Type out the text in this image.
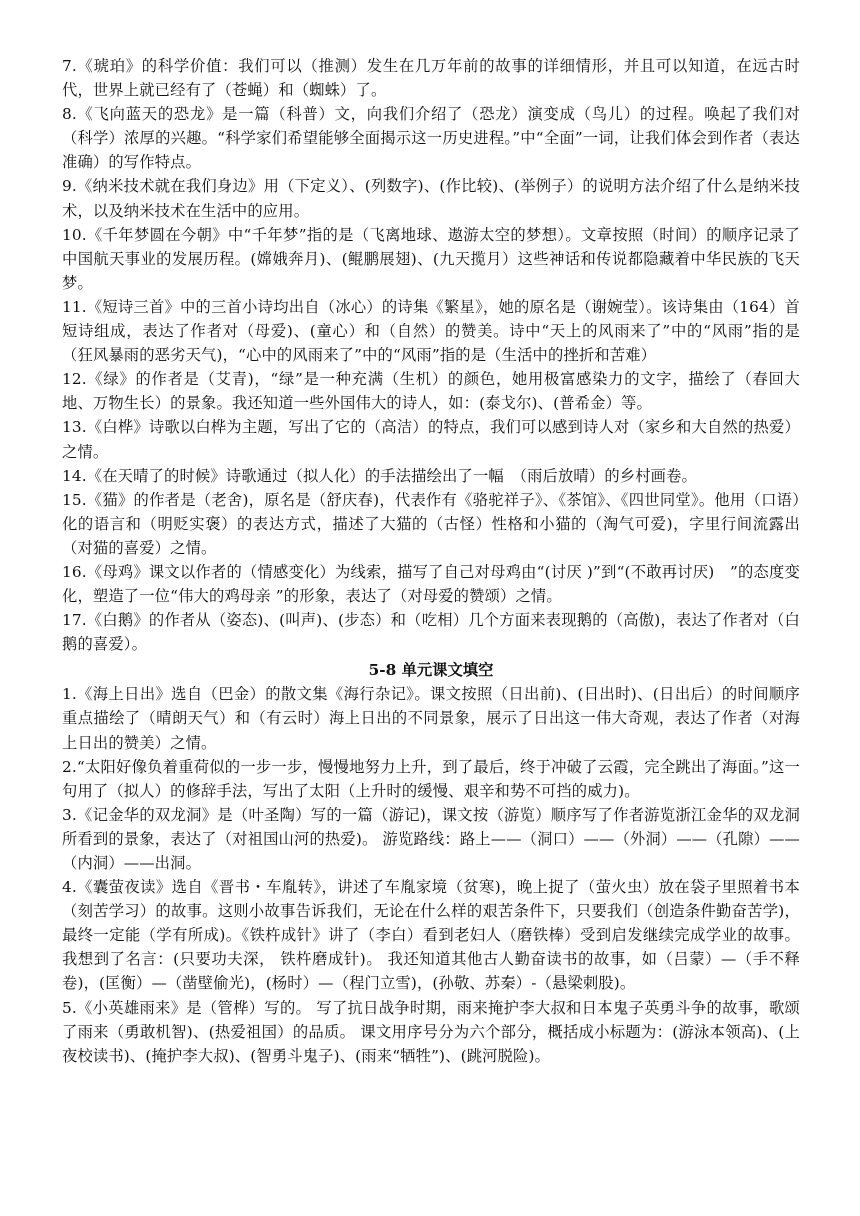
7.《琥珀》的科学价值：我们可以（推测）发生在几万年前的故事的详细情形，并且可以知道，在远古时代，世界上就已经有了（苍蝇）和（蜘蛛）了。

8.《飞向蓝天的恐龙》是一篇（科普）文，向我们介绍了（恐龙）演变成（鸟儿）的过程。唤起了我们对（科学）浓厚的兴趣。“科学家们希望能够全面揭示这一历史进程。”中“全面”一词，让我们体会到作者（表达准确）的写作特点。

9.《纳米技术就在我们身边》用（下定义）、(列数字)、(作比较)、(举例子）的说明方法介绍了什么是纳米技术，以及纳米技术在生活中的应用。

10.《千年梦圆在今朝》中“千年梦”指的是（飞离地球、遨游太空的梦想）。文章按照（时间）的顺序记录了中国航天事业的发展历程。(嫦娥奔月)、(鲲鹏展翅)、(九天揽月）这些神话和传说都隐藏着中华民族的飞天梦。

11.《短诗三首》中的三首小诗均出自（冰心）的诗集《繁星》，她的原名是（谢婉莹）。该诗集由（164）首短诗组成，表达了作者对（母爱)、(童心）和（自然）的赞美。诗中“天上的风雨来了”中的“风雨”指的是（狂风暴雨的恶劣天气)，“心中的风雨来了”中的“风雨”指的是（生活中的挫折和苦难）

12.《绿》的作者是（艾青)，“绿”是一种充满（生机）的颜色，她用极富感染力的文字，描绘了（春回大地、万物生长）的景象。我还知道一些外国伟大的诗人，如：(泰戈尔)、(普希金）等。

13.《白桦》诗歌以白桦为主题，写出了它的（高洁）的特点，我们可以感到诗人对（家乡和大自然的热爱）之情。

14.《在天晴了的时候》诗歌通过（拟人化）的手法描绘出了一幅　（雨后放晴）的乡村画卷。

15.《猫》的作者是（老舍)，原名是（舒庆春)，代表作有《骆驼祥子》、《茶馆》、《四世同堂》。他用（口语）化的语言和（明贬实褒）的表达方式，描述了大猫的（古怪）性格和小猫的（淘气可爱)，字里行间流露出（对猫的喜爱）之情。

16.《母鸡》课文以作者的（情感变化）为线索，描写了自己对母鸡由“(讨厌 )”到“(不敢再讨厌)　”的态度变化，塑造了一位“伟大的鸡母亲 ”的形象，表达了（对母爱的赞颂）之情。

17.《白鹅》的作者从（姿态)、(叫声)、(步态）和（吃相）几个方面来表现鹅的（高傲)，表达了作者对（白鹅的喜爱）。

5-8 单元课文填空

1.《海上日出》选自（巴金）的散文集《海行杂记》。课文按照（日出前)、(日出时)、(日出后）的时间顺序重点描绘了（晴朗天气）和（有云时）海上日出的不同景象，展示了日出这一伟大奇观，表达了作者（对海上日出的赞美）之情。

2.“太阳好像负着重荷似的一步一步，慢慢地努力上升，到了最后，终于冲破了云霞，完全跳出了海面。”这一句用了（拟人）的修辞手法，写出了太阳（上升时的缓慢、艰辛和势不可挡的威力)。

3.《记金华的双龙洞》是（叶圣陶）写的一篇（游记)，课文按（游览）顺序写了作者游览浙江金华的双龙洞所看到的景象，表达了（对祖国山河的热爱)。 游览路线：路上——（洞口）——（外洞）——（孔隙）——（内洞）——出洞。

4.《囊萤夜读》选自《晋书・车胤转》，讲述了车胤家境（贫寒)，晚上捉了（萤火虫）放在袋子里照着书本（刻苦学习）的故事。这则小故事告诉我们，无论在什么样的艰苦条件下，只要我们（创造条件勤奋苦学)，最终一定能（学有所成)。《铁杵成针》讲了（李白）看到老妇人（磨铁棒）受到启发继续完成学业的故事。我想到了名言：(只要功夫深， 铁杵磨成针)。 我还知道其他古人勤奋读书的故事，如（吕蒙）—（手不释卷)，(匡衡）—（凿壁偷光)，(杨时）—（程门立雪)，(孙敬、苏秦）-（悬梁刺股)。

5.《小英雄雨来》是（管桦）写的。 写了抗日战争时期，雨来掩护李大叔和日本鬼子英勇斗争的故事，歌颂了雨来（勇敢机智)、(热爱祖国）的品质。 课文用序号分为六个部分，概括成小标题为：(游泳本领高)、(上夜校读书)、(掩护李大叔)、(智勇斗鬼子)、(雨来“牺牲”)、(跳河脱险)。
